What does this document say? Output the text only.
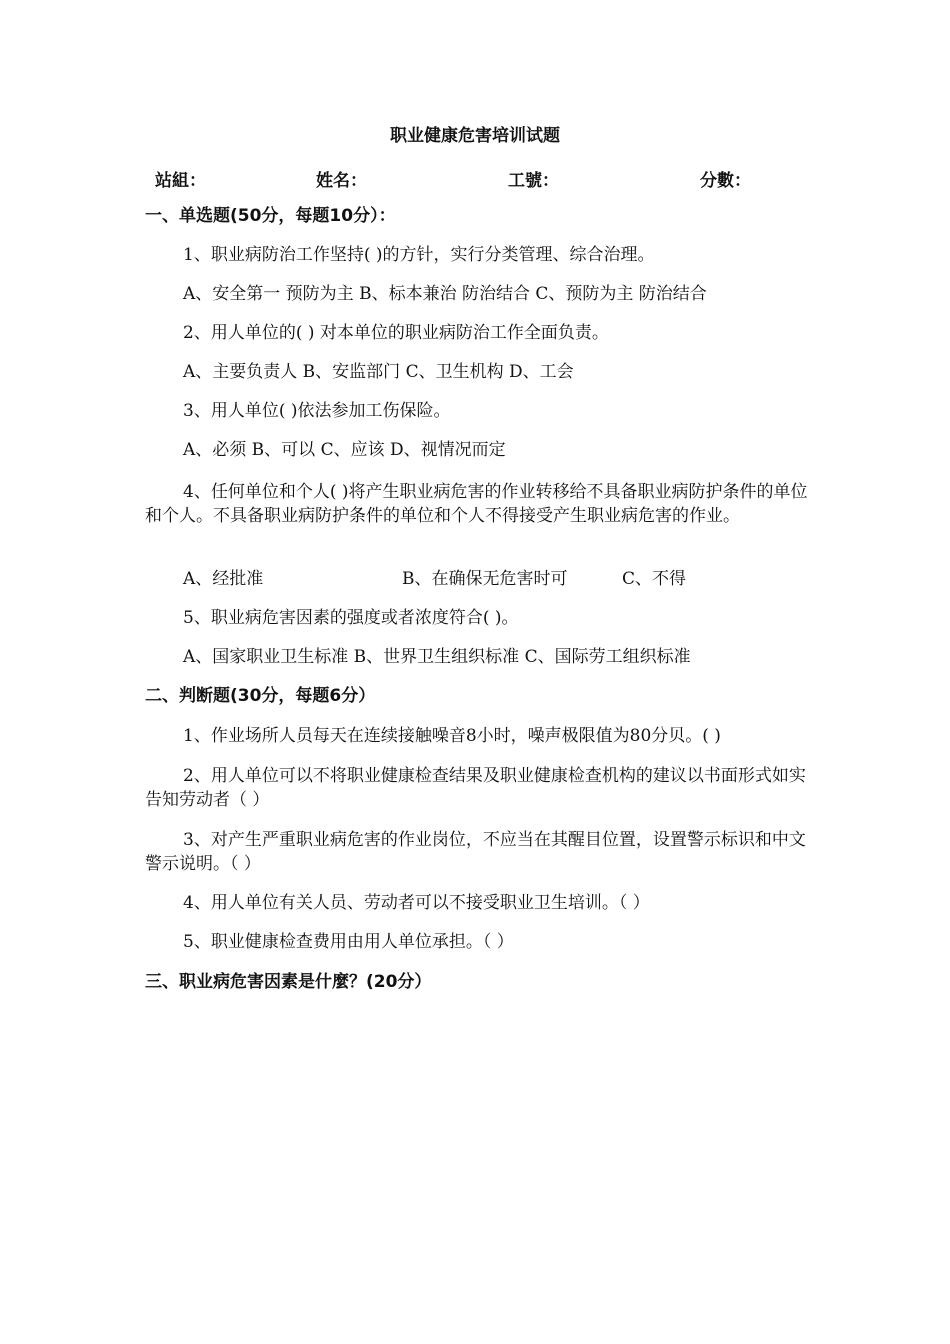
职业健康危害培训试题
站組：	姓名：	工號：	分數：
一、单选题(50分，每题10分）：
1、职业病防治工作坚持( )的方针，实行分类管理、综合治理。
A、安全第一 预防为主 B、标本兼治 防治结合 C、预防为主 防治结合
2、用人单位的( ) 对本单位的职业病防治工作全面负责。
A、主要负责人 B、安监部门 C、卫生机构 D、工会
3、用人单位( )依法参加工伤保险。
A、必须 B、可以 C、应该 D、视情况而定
4、任何单位和个人( )将产生职业病危害的作业转移给不具备职业病防护条件的单位和个人。不具备职业病防护条件的单位和个人不得接受产生职业病危害的作业。
A、经批准	B、在确保无危害时可	C、不得
5、职业病危害因素的强度或者浓度符合( )。
A、国家职业卫生标准 B、世界卫生组织标准 C、国际劳工组织标准
二、判断题(30分，每题6分）
1、作业场所人员每天在连续接触噪音8小时，噪声极限值为80分贝。( )
2、用人单位可以不将职业健康检查结果及职业健康检查机构的建议以书面形式如实告知劳动者（ ）
3、对产生严重职业病危害的作业岗位，不应当在其醒目位置，设置警示标识和中文警示说明。（ ）
4、用人单位有关人员、劳动者可以不接受职业卫生培训。（ ）
5、职业健康检查费用由用人单位承担。（ ）
三、职业病危害因素是什麼？(20分）
